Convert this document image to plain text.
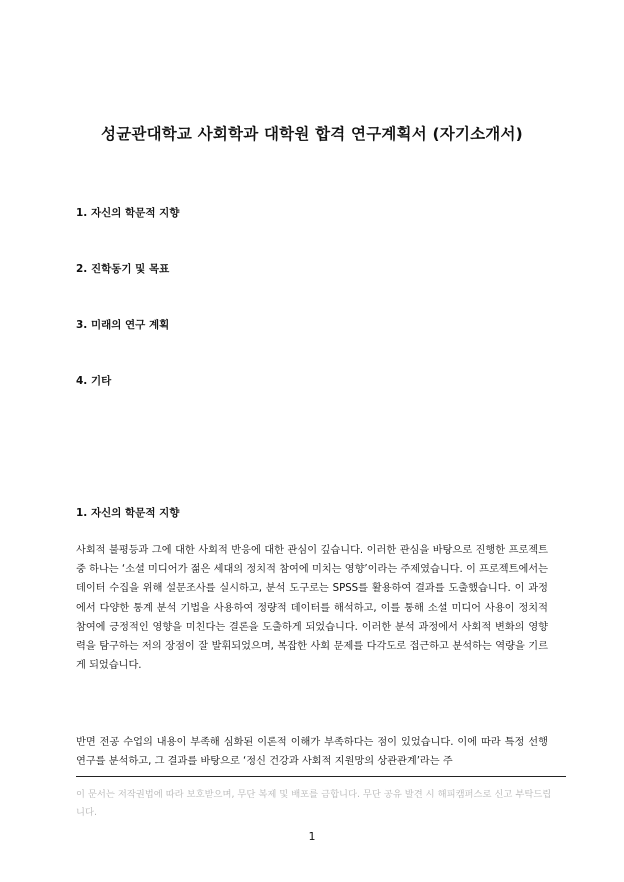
성균관대학교 사회학과 대학원 합격 연구계획서 (자기소개서)
1. 자신의 학문적 지향
2. 진학동기 및 목표
3. 미래의 연구 계획
4. 기타
1. 자신의 학문적 지향

사회적 불평등과 그에 대한 사회적 반응에 대한 관심이 깊습니다. 이러한 관심을 바탕으로 진행한 프로젝트 중 하나는 ‘소셜 미디어가 젊은 세대의 정치적 참여에 미치는 영향’이라는 주제였습니다. 이 프로젝트에서는 데이터 수집을 위해 설문조사를 실시하고, 분석 도구로는 SPSS를 활용하여 결과를 도출했습니다. 이 과정에서 다양한 통계 분석 기법을 사용하여 정량적 데이터를 해석하고, 이를 통해 소셜 미디어 사용이 정치적 참여에 긍정적인 영향을 미친다는 결론을 도출하게 되었습니다. 이러한 분석 과정에서 사회적 변화의 영향력을 탐구하는 저의 장점이 잘 발휘되었으며, 복잡한 사회 문제를 다각도로 접근하고 분석하는 역량을 기르게 되었습니다.

반면 전공 수업의 내용이 부족해 심화된 이론적 이해가 부족하다는 점이 있었습니다. 이에 따라 특정 선행 연구를 분석하고, 그 결과를 바탕으로 ‘정신 건강과 사회적 지원망의 상관관계’라는 주

이 문서는 저작권법에 따라 보호받으며, 무단 복제 및 배포를 금합니다. 무단 공유 발견 시 해피캠퍼스로 신고 부탁드립니다.

1
